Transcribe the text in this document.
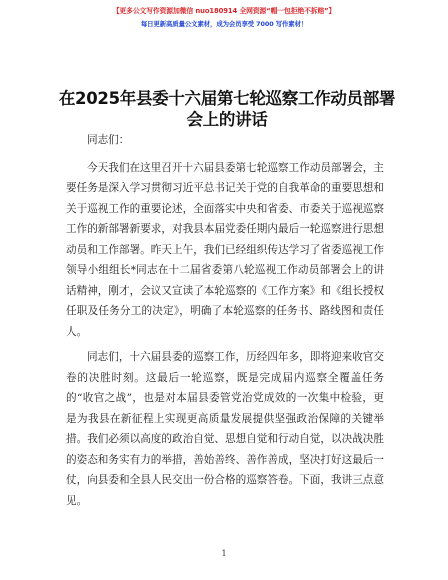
【更多公文写作资源加微信 nuo180914 全网资源“帽一包拒绝不拆赔”】
每日更新高质量公文素材，成为会员享受 7000 写作素材！
在2025年县委十六届第七轮巡察工作动员部署会上的讲话

同志们：

今天我们在这里召开十六届县委第七轮巡察工作动员部署会，主要任务是深入学习贯彻习近平总书记关于党的自我革命的重要思想和关于巡视工作的重要论述，全面落实中央和省委、市委关于巡视巡察工作的新部署新要求，对我县本届党委任期内最后一轮巡察进行思想动员和工作部署。昨天上午，我们已经组织传达学习了省委巡视工作领导小组组长*同志在十二届省委第八轮巡视工作动员部署会上的讲话精神，刚才，会议又宣读了本轮巡察的《工作方案》和《组长授权任职及任务分工的决定》，明确了本轮巡察的任务书、路线图和责任人。

同志们，十六届县委的巡察工作，历经四年多，即将迎来收官交卷的决胜时刻。这最后一轮巡察，既是完成届内巡察全覆盖任务的“收官之战”，也是对本届县委管党治党成效的一次集中检验，更是为我县在新征程上实现更高质量发展提供坚强政治保障的关键举措。我们必须以高度的政治自觉、思想自觉和行动自觉，以决战决胜的姿态和务实有力的举措，善始善终、善作善成，坚决打好这最后一仗，向县委和全县人民交出一份合格的巡察答卷。下面，我讲三点意见。

1
